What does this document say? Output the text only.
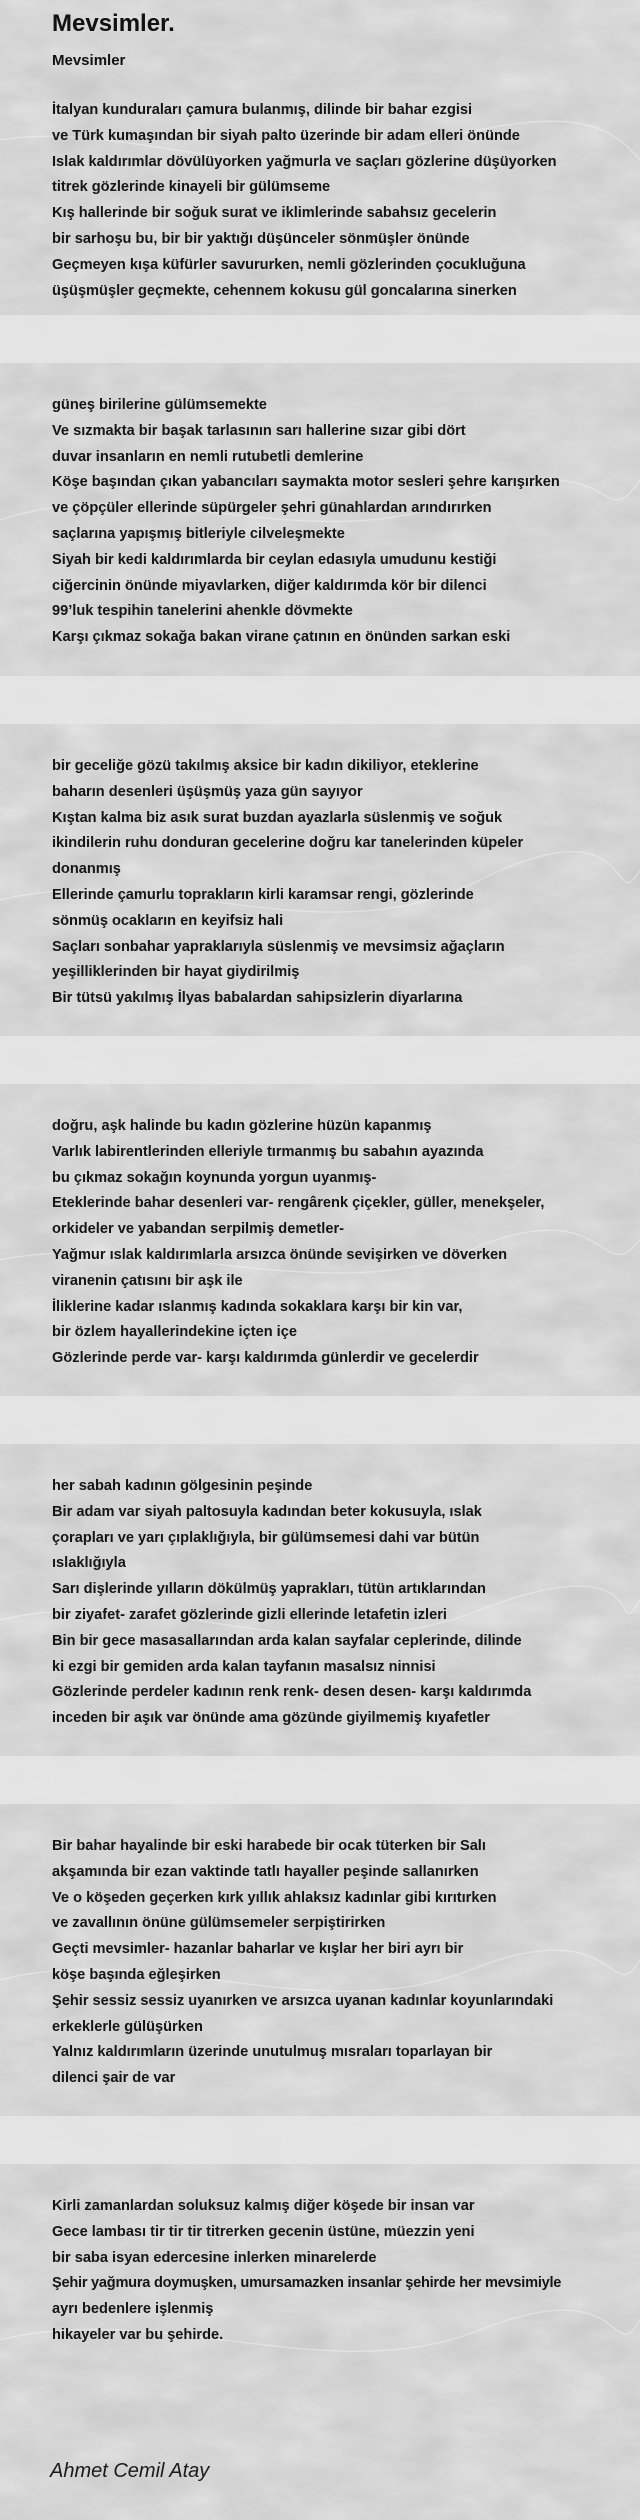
Mevsimler.
Mevsimler
İtalyan kunduraları çamura bulanmış, dilinde bir bahar ezgisi
ve Türk kumaşından bir siyah palto üzerinde bir adam elleri önünde
Islak kaldırımlar dövülüyorken yağmurla ve saçları gözlerine düşüyorken
titrek gözlerinde kinayeli bir gülümseme
Kış hallerinde bir soğuk surat ve iklimlerinde sabahsız gecelerin
bir sarhoşu bu, bir bir yaktığı düşünceler sönmüşler önünde
Geçmeyen kışa küfürler savururken, nemli gözlerinden çocukluğuna
üşüşmüşler geçmekte, cehennem kokusu gül goncalarına sinerken
güneş birilerine gülümsemekte
Ve sızmakta bir başak tarlasının sarı hallerine sızar gibi dört
duvar insanların en nemli rutubetli demlerine
Köşe başından çıkan yabancıları saymakta motor sesleri şehre karışırken
ve çöpçüler ellerinde süpürgeler şehri günahlardan arındırırken
saçlarına yapışmış bitleriyle cilveleşmekte
Siyah bir kedi kaldırımlarda bir ceylan edasıyla umudunu kestiği
ciğercinin önünde miyavlarken, diğer kaldırımda kör bir dilenci
99’luk tespihin tanelerini ahenkle dövmekte
Karşı çıkmaz sokağa bakan virane çatının en önünden sarkan eski
bir geceliğe gözü takılmış aksice bir kadın dikiliyor, eteklerine
baharın desenleri üşüşmüş yaza gün sayıyor
Kıştan kalma biz asık surat buzdan ayazlarla süslenmiş ve soğuk
ikindilerin ruhu donduran gecelerine doğru kar tanelerinden küpeler
donanmış
Ellerinde çamurlu toprakların kirli karamsar rengi, gözlerinde
sönmüş ocakların en keyifsiz hali
Saçları sonbahar yapraklarıyla süslenmiş ve mevsimsiz ağaçların
yeşilliklerinden bir hayat giydirilmiş
Bir tütsü yakılmış İlyas babalardan sahipsizlerin diyarlarına
doğru, aşk halinde bu kadın gözlerine hüzün kapanmış
Varlık labirentlerinden elleriyle tırmanmış bu sabahın ayazında
bu çıkmaz sokağın koynunda yorgun uyanmış-
Eteklerinde bahar desenleri var- rengârenk çiçekler, güller, menekşeler,
orkideler ve yabandan serpilmiş demetler-
Yağmur ıslak kaldırımlarla arsızca önünde sevişirken ve döverken
viranenin çatısını bir aşk ile
İliklerine kadar ıslanmış kadında sokaklara karşı bir kin var,
bir özlem hayallerindekine içten içe
Gözlerinde perde var- karşı kaldırımda günlerdir ve gecelerdir
her sabah kadının gölgesinin peşinde
Bir adam var siyah paltosuyla kadından beter kokusuyla, ıslak
çorapları ve yarı çıplaklığıyla, bir gülümsemesi dahi var bütün
ıslaklığıyla
Sarı dişlerinde yılların dökülmüş yaprakları, tütün artıklarından
bir ziyafet- zarafet gözlerinde gizli ellerinde letafetin izleri
Bin bir gece masasallarından arda kalan sayfalar ceplerinde, dilinde
ki ezgi bir gemiden arda kalan tayfanın masalsız ninnisi
Gözlerinde perdeler kadının renk renk- desen desen- karşı kaldırımda
inceden bir aşık var önünde ama gözünde giyilmemiş kıyafetler
Bir bahar hayalinde bir eski harabede bir ocak tüterken bir Salı
akşamında bir ezan vaktinde tatlı hayaller peşinde sallanırken
Ve o köşeden geçerken kırk yıllık ahlaksız kadınlar gibi kırıtırken
ve zavallının önüne gülümsemeler serpiştirirken
Geçti mevsimler- hazanlar baharlar ve kışlar her biri ayrı bir
köşe başında eğleşirken
Şehir sessiz sessiz uyanırken ve arsızca uyanan kadınlar koyunlarındaki
erkeklerle gülüşürken
Yalnız kaldırımların üzerinde unutulmuş mısraları toparlayan bir
dilenci şair de var
Kirli zamanlardan soluksuz kalmış diğer köşede bir insan var
Gece lambası tir tir tir titrerken gecenin üstüne, müezzin yeni
bir saba isyan edercesine inlerken minarelerde
Şehir yağmura doymuşken, umursamazken insanlar şehirde her mevsimiyle
ayrı bedenlere işlenmiş
hikayeler var bu şehirde.
Ahmet Cemil Atay
